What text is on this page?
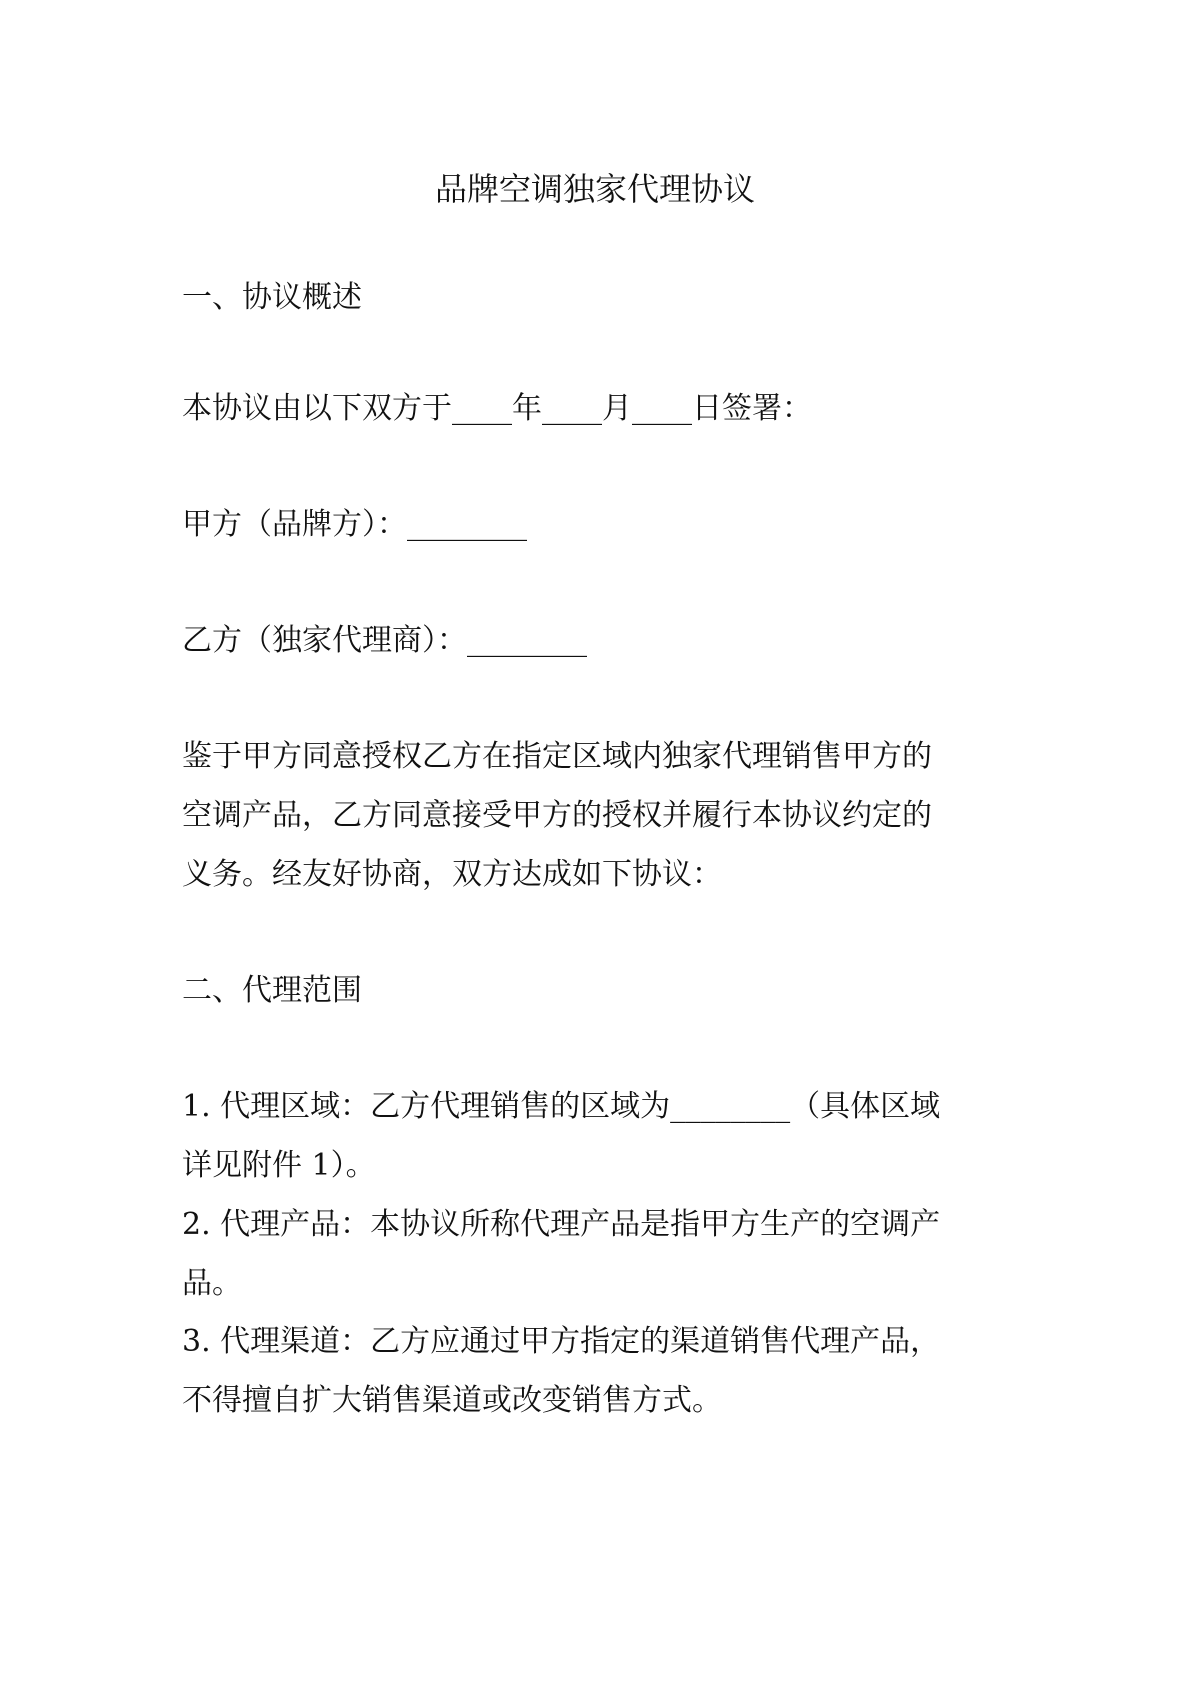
品牌空调独家代理协议
一、协议概述
本协议由以下双方于____年____月____日签署：
甲方（品牌方）：________
乙方（独家代理商）：________
鉴于甲方同意授权乙方在指定区域内独家代理销售甲方的
空调产品，乙方同意接受甲方的授权并履行本协议约定的
义务。经友好协商，双方达成如下协议：
二、代理范围
1. 代理区域：乙方代理销售的区域为________（具体区域
详见附件 1）。
2. 代理产品：本协议所称代理产品是指甲方生产的空调产
品。
3. 代理渠道：乙方应通过甲方指定的渠道销售代理产品，
不得擅自扩大销售渠道或改变销售方式。
